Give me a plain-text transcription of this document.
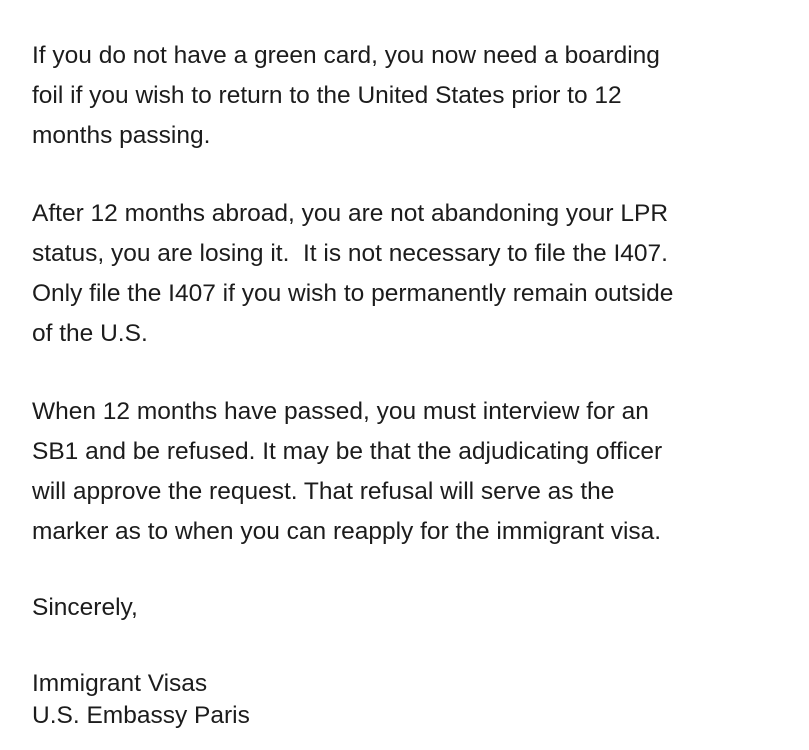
If you do not have a green card, you now need a boarding
foil if you wish to return to the United States prior to 12
months passing.
After 12 months abroad, you are not abandoning your LPR
status, you are losing it.  It is not necessary to file the I407.
Only file the I407 if you wish to permanently remain outside
of the U.S.
When 12 months have passed, you must interview for an
SB1 and be refused. It may be that the adjudicating officer
will approve the request. That refusal will serve as the
marker as to when you can reapply for the immigrant visa.
Sincerely,
Immigrant Visas
U.S. Embassy Paris
